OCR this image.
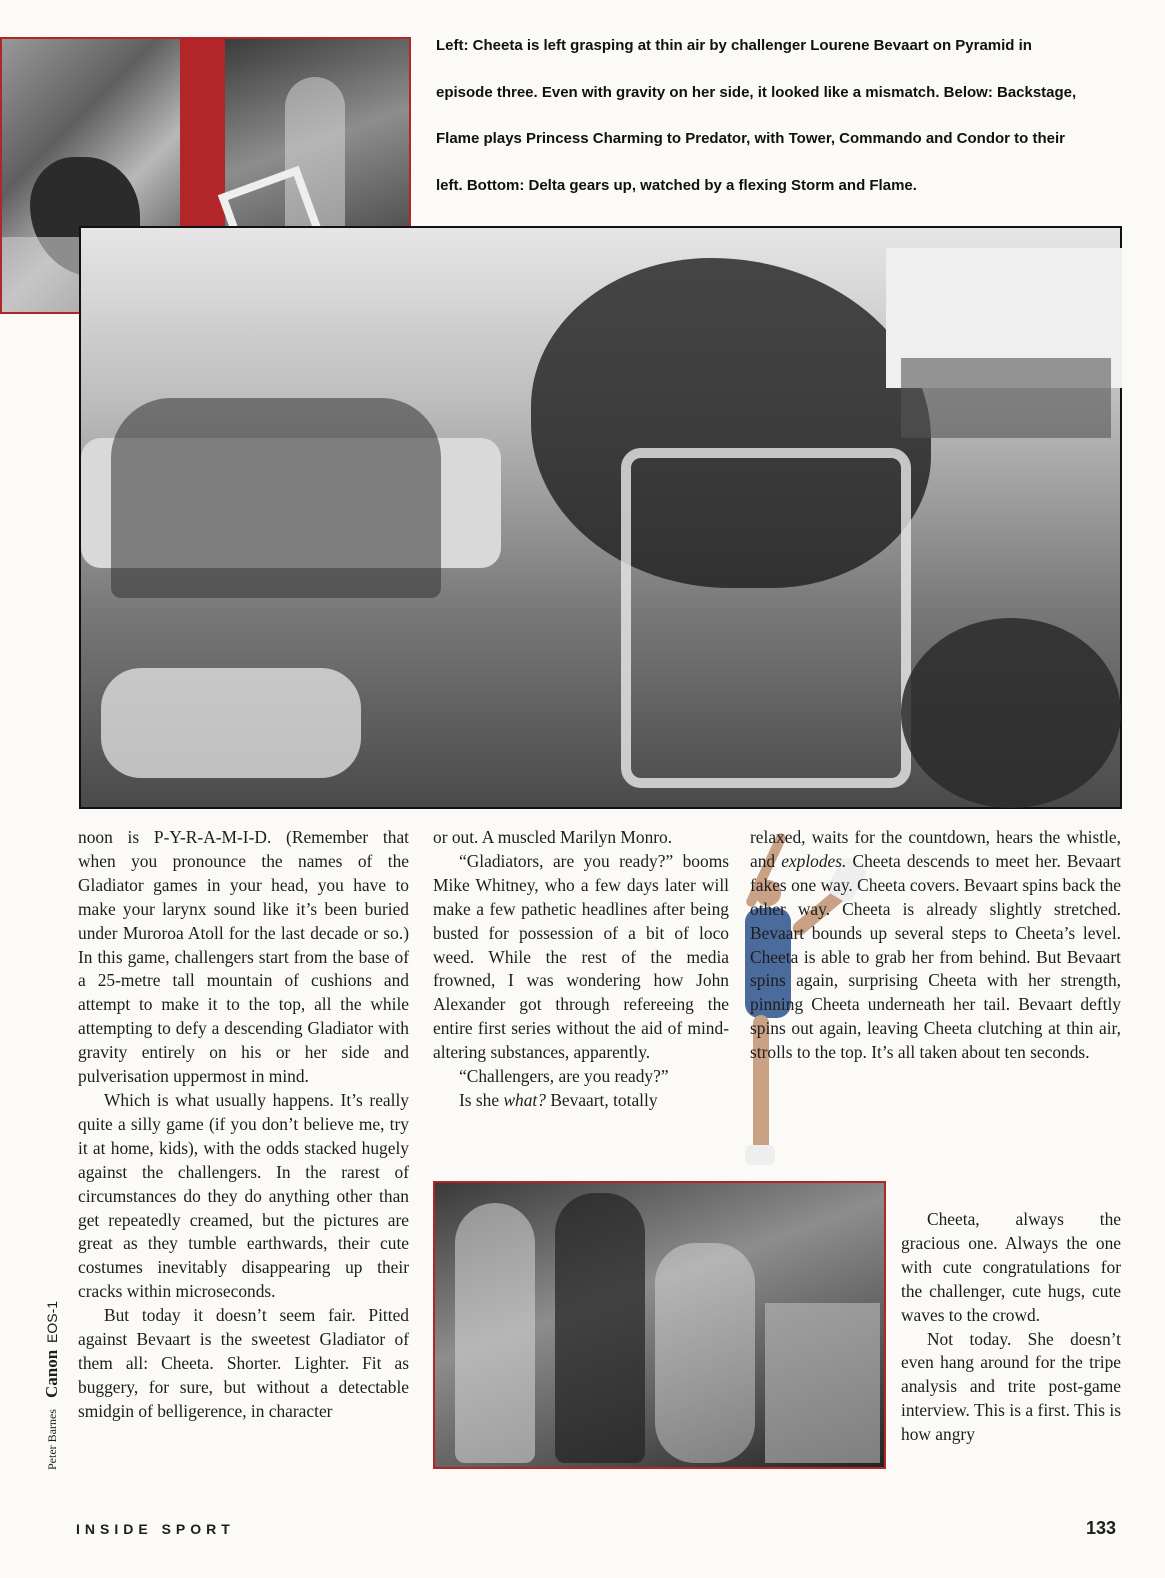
Left: Cheeta is left grasping at thin air by challenger Lourene Bevaart on Pyramid in

episode three. Even with gravity on her side, it looked like a mismatch. Below: Backstage,

Flame plays Princess Charming to Predator, with Tower, Commando and Condor to their

left. Bottom: Delta gears up, watched by a flexing Storm and Flame.

noon is P-Y-R-A-M-I-D. (Remember that when you pronounce the names of the Gladiator games in your head, you have to make your larynx sound like it’s been buried under Muroroa Atoll for the last decade or so.) In this game, challengers start from the base of a 25-metre tall mountain of cushions and attempt to make it to the top, all the while attempting to defy a descending Gladiator with gravity entirely on his or her side and pulverisation uppermost in mind.

Which is what usually happens. It’s really quite a silly game (if you don’t believe me, try it at home, kids), with the odds stacked hugely against the challengers. In the rarest of circumstances do they do anything other than get repeatedly creamed, but the pictures are great as they tumble earthwards, their cute costumes inevitably disappearing up their cracks within microseconds.

But today it doesn’t seem fair. Pitted against Bevaart is the sweetest Gladiator of them all: Cheeta. Shorter. Lighter. Fit as buggery, for sure, but without a detectable smidgin of belligerence, in character

or out. A muscled Marilyn Monro.

“Gladiators, are you ready?” booms Mike Whitney, who a few days later will make a few pathetic headlines after being busted for possession of a bit of loco weed. While the rest of the media frowned, I was wondering how John Alexander got through refereeing the entire first series without the aid of mind-altering substances, apparently.

“Challengers, are you ready?”

Is she what? Bevaart, totally

relaxed, waits for the countdown, hears the whistle, and explodes. Cheeta descends to meet her. Bevaart fakes one way. Cheeta covers. Bevaart spins back the other way. Cheeta is already slightly stretched. Bevaart bounds up several steps to Cheeta’s level. Cheeta is able to grab her from behind. But Bevaart spins again, surprising Cheeta with her strength, pinning Cheeta underneath her tail. Bevaart deftly spins out again, leaving Cheeta clutching at thin air, strolls to the top. It’s all taken about ten seconds.

Cheeta, always the gracious one. Always the one with cute congratulations for the challenger, cute hugs, cute waves to the crowd.

Not today. She doesn’t even hang around for the tripe analysis and trite post-game interview. This is a first. This is how angry

Peter Barnes Canon EOS-1
INSIDE SPORT	133
